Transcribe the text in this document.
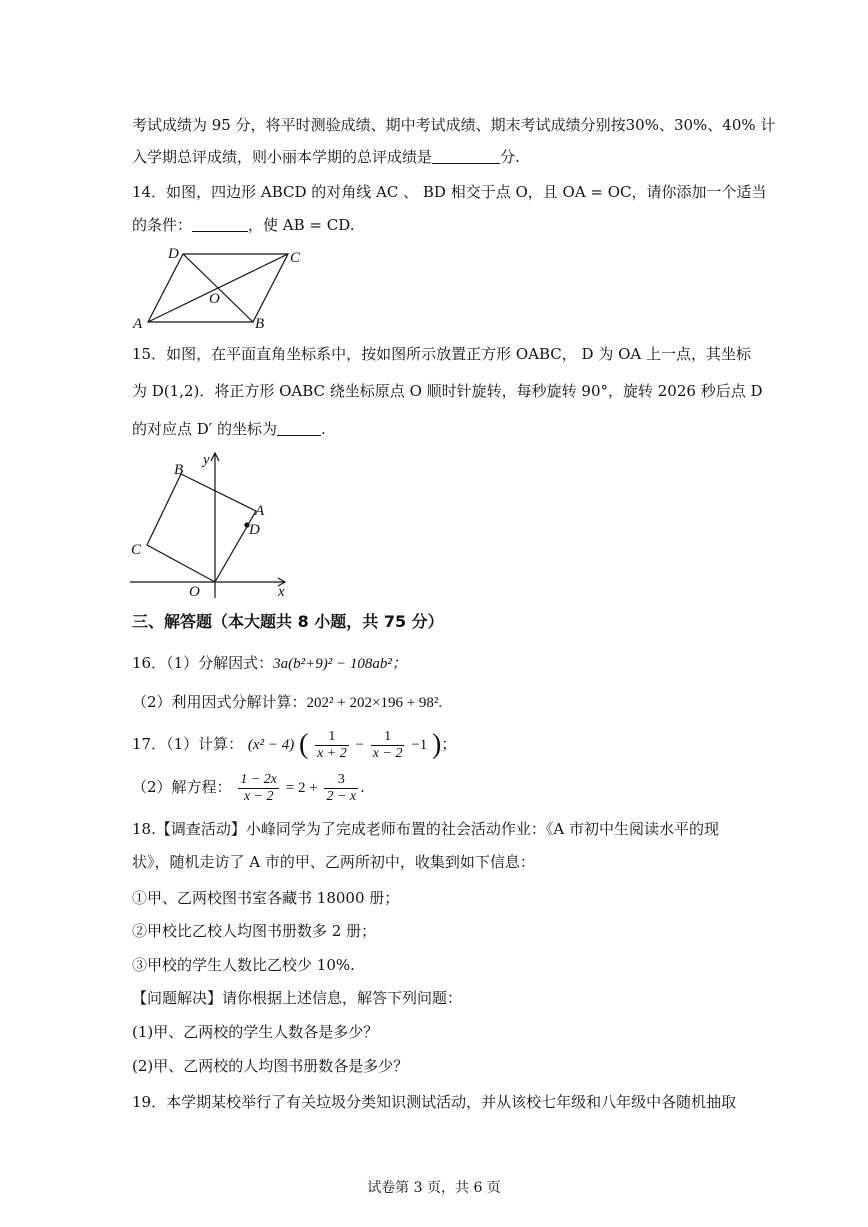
考试成绩为 95 分，将平时测验成绩、期中考试成绩、期末考试成绩分别按30%、30%、40% 计
入学期总评成绩，则小丽本学期的总评成绩是	分.
14．如图，四边形 ABCD 的对角线 AC 、 BD 相交于点 O，且 OA = OC，请你添加一个适当
的条件：	，使 AB = CD.
A
D	C
B
O
15．如图，在平面直角坐标系中，按如图所示放置正方形 OABC， D 为 OA 上一点，其坐标
为 D(1,2)．将正方形 OABC 绕坐标原点 O 顺时针旋转，每秒旋转 90°，旋转 2026 秒后点 D
的对应点 D′ 的坐标为	.
O	x
y
A
B
C
D
三、解答题（本大题共 8 小题，共 75 分）
16．（1）分解因式：3a(b²+9)² − 108ab²；
（2）利用因式分解计算：202² + 202×196 + 98².
17．（1）计算： (x² − 4) ( $\frac{1}{x + 2} - \frac{1}{x - 2} -1$ )；
（2）解方程： $\frac{1 - 2x}{x - 2} = 2 + \frac{3}{2 - x}$ .
18.【调查活动】小峰同学为了完成老师布置的社会活动作业：《A 市初中生阅读水平的现
状》，随机走访了 A 市的甲、乙两所初中，收集到如下信息：
①甲、乙两校图书室各藏书 18000 册；
②甲校比乙校人均图书册数多 2 册；
③甲校的学生人数比乙校少 10%.
【问题解决】请你根据上述信息，解答下列问题：
(1)甲、乙两校的学生人数各是多少？
(2)甲、乙两校的人均图书册数各是多少？
19．本学期某校举行了有关垃圾分类知识测试活动，并从该校七年级和八年级中各随机抽取
试卷第 3 页，共 6 页
